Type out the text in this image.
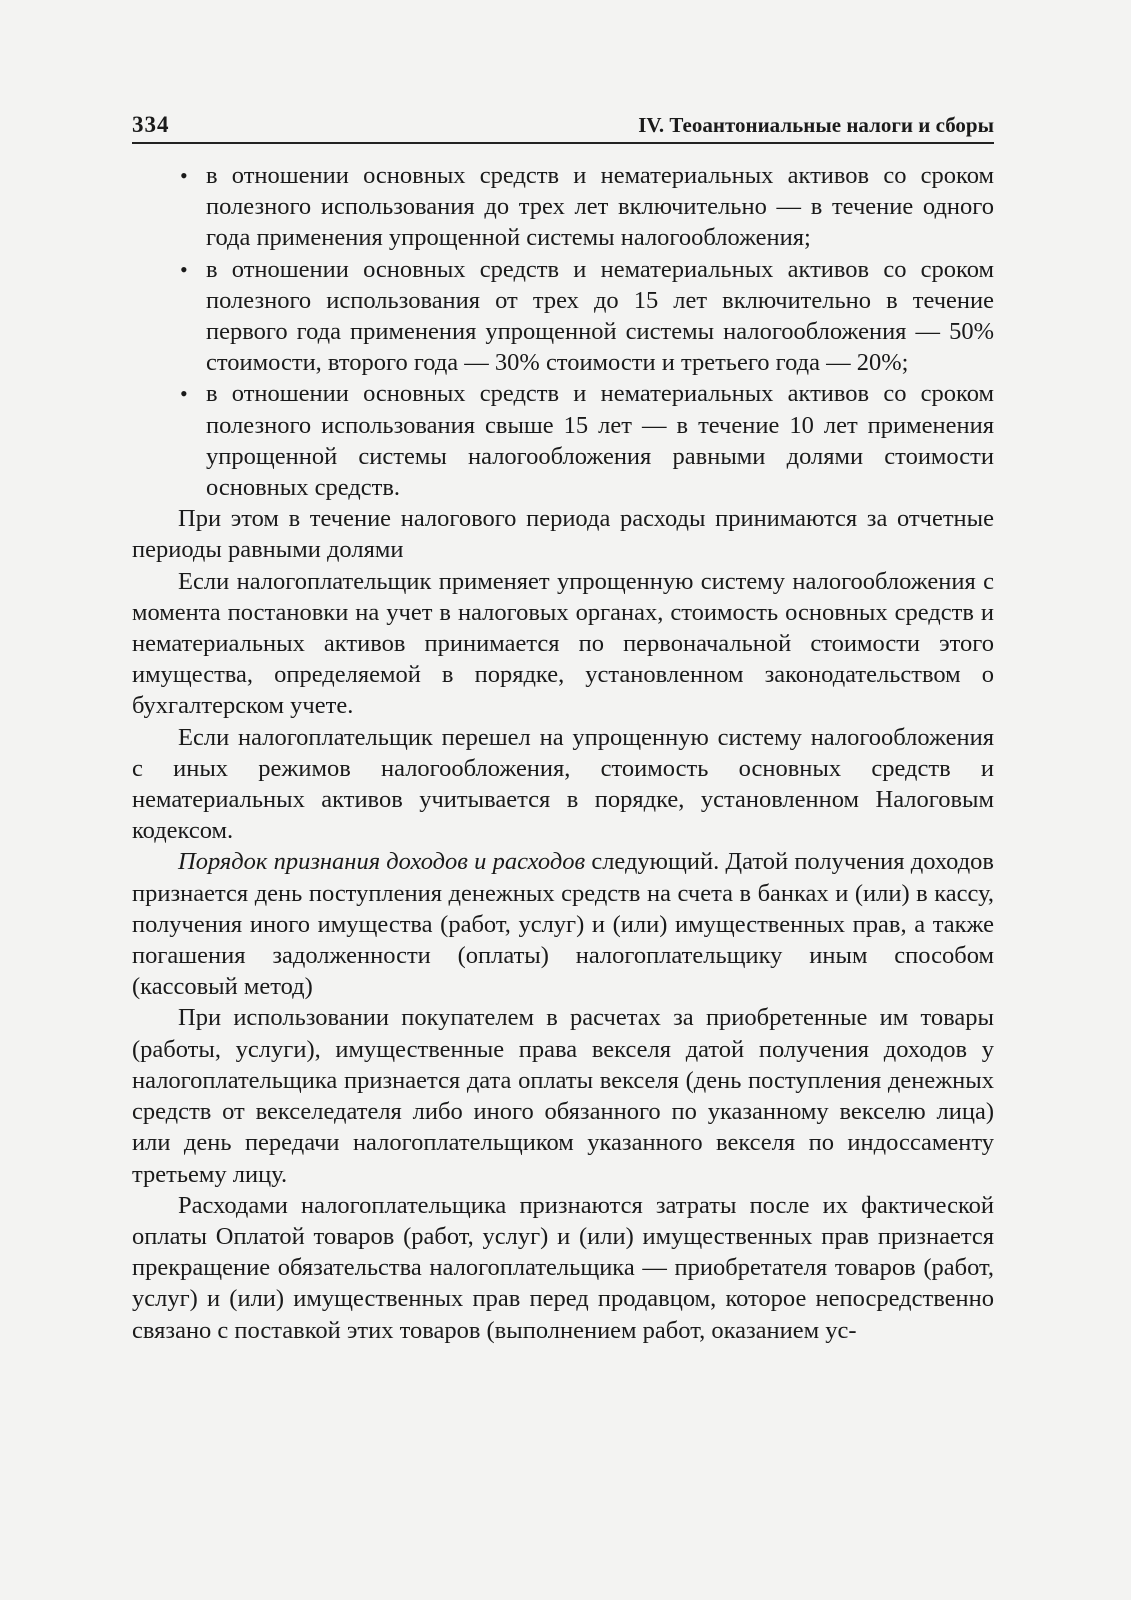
334	IV. Теоантониальные налоги и сборы
• в отношении основных средств и нематериальных активов со сроком полезного использования до трех лет включительно — в течение одного года применения упрощенной системы налогообложения;
• в отношении основных средств и нематериальных активов со сроком полезного использования от трех до 15 лет включительно в течение первого года применения упрощенной системы налогообложения — 50% стоимости, второго года — 30% стоимости и третьего года — 20%;
• в отношении основных средств и нематериальных активов со сроком полезного использования свыше 15 лет — в течение 10 лет применения упрощенной системы налогообложения равными долями стоимости основных средств.

При этом в течение налогового периода расходы принимаются за отчетные периоды равными долями

Если налогоплательщик применяет упрощенную систему налогообложения с момента постановки на учет в налоговых органах, стоимость основных средств и нематериальных активов принимается по первоначальной стоимости этого имущества, определяемой в порядке, установленном законодательством о бухгалтерском учете.

Если налогоплательщик перешел на упрощенную систему налогообложения с иных режимов налогообложения, стоимость основных средств и нематериальных активов учитывается в порядке, установленном Налоговым кодексом.

Порядок признания доходов и расходов следующий. Датой получения доходов признается день поступления денежных средств на счета в банках и (или) в кассу, получения иного имущества (работ, услуг) и (или) имущественных прав, а также погашения задолженности (оплаты) налогоплательщику иным способом (кассовый метод)

При использовании покупателем в расчетах за приобретенные им товары (работы, услуги), имущественные права векселя датой получения доходов у налогоплательщика признается дата оплаты векселя (день поступления денежных средств от векселедателя либо иного обязанного по указанному векселю лица) или день передачи налогоплательщиком указанного векселя по индоссаменту третьему лицу.

Расходами налогоплательщика признаются затраты после их фактической оплаты Оплатой товаров (работ, услуг) и (или) имущественных прав признается прекращение обязательства налогоплательщика — приобретателя товаров (работ, услуг) и (или) имущественных прав перед продавцом, которое непосредственно связано с поставкой этих товаров (выполнением работ, оказанием ус-
